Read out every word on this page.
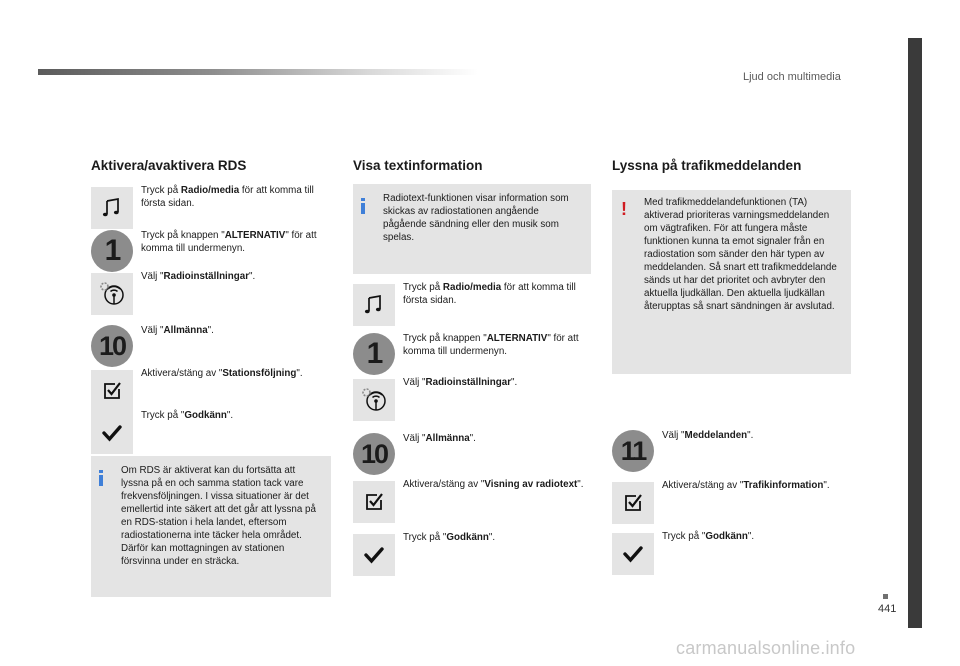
Ljud och multimedia
441
carmanualsonline.info
Aktivera/avaktivera RDS
Om RDS är aktiverat kan du fortsätta att lyssna på en och samma station tack vare frekvensföljningen. I vissa situationer är det emellertid inte säkert att det går att lyssna på en RDS-station i hela landet, eftersom radiostationerna inte täcker hela området. Därför kan mottagningen av stationen försvinna under en sträcka.
Tryck på Radio/media för att komma till första sidan.
1	Tryck på knappen "ALTERNATIV" för att komma till undermenyn.
Välj "Radioinställningar".
10	Välj "Allmänna".
Aktivera/stäng av "Stationsföljning".
Tryck på "Godkänn".
Visa textinformation
Radiotext-funktionen visar information som skickas av radiostationen angående pågående sändning eller den musik som spelas.
Tryck på Radio/media för att komma till första sidan.
1	Tryck på knappen "ALTERNATIV" för att komma till undermenyn.
Välj "Radioinställningar".
10	Välj "Allmänna".
Aktivera/stäng av "Visning av radiotext".
Tryck på "Godkänn".
Lyssna på trafikmeddelanden
! Med trafikmeddelandefunktionen (TA) aktiverad prioriteras varningsmeddelanden om vägtrafiken. För att fungera måste funktionen kunna ta emot signaler från en radiostation som sänder den här typen av meddelanden. Så snart ett trafikmeddelande sänds ut har det prioritet och avbryter den aktuella ljudkällan. Den aktuella ljudkällan återupptas så snart sändningen är avslutad.
11	Välj "Meddelanden".
Aktivera/stäng av "Trafikinformation".
Tryck på "Godkänn".
